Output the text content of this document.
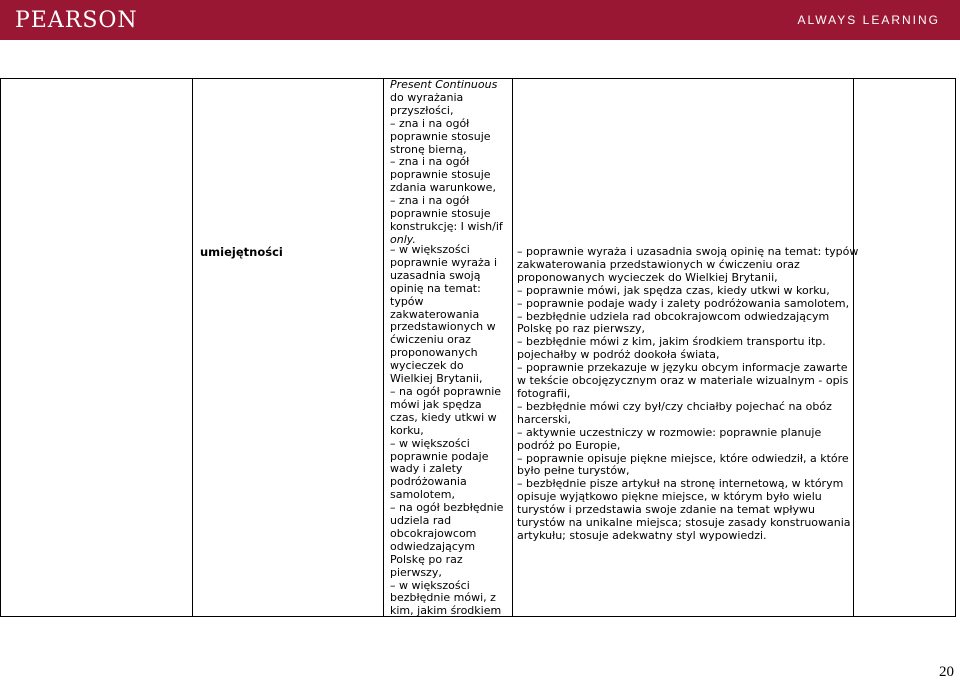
PEARSON	ALWAYS LEARNING
umiejętności
Present Continuous
do wyrażania
przyszłości,
– zna i na ogół
poprawnie stosuje
stronę bierną,
– zna i na ogół
poprawnie stosuje
zdania warunkowe,
– zna i na ogół
poprawnie stosuje
konstrukcję: I wish/if
only.
– w większości
poprawnie wyraża i
uzasadnia swoją
opinię na temat:
typów
zakwaterowania
przedstawionych w
ćwiczeniu oraz
proponowanych
wycieczek do
Wielkiej Brytanii,
– na ogół poprawnie
mówi jak spędza
czas, kiedy utkwi w
korku,
– w większości
poprawnie podaje
wady i zalety
podróżowania
samolotem,
– na ogół bezbłędnie
udziela rad
obcokrajowcom
odwiedzającym
Polskę po raz
pierwszy,
– w większości
bezbłędnie mówi, z
kim, jakim środkiem
– poprawnie wyraża i uzasadnia swoją opinię na temat: typów
zakwaterowania przedstawionych w ćwiczeniu oraz
proponowanych wycieczek do Wielkiej Brytanii,
– poprawnie mówi, jak spędza czas, kiedy utkwi w korku,
– poprawnie podaje wady i zalety podróżowania samolotem,
– bezbłędnie udziela rad obcokrajowcom odwiedzającym
Polskę po raz pierwszy,
– bezbłędnie mówi z kim, jakim środkiem transportu itp.
pojechałby w podróż dookoła świata,
– poprawnie przekazuje w języku obcym informacje zawarte
w tekście obcojęzycznym oraz w materiale wizualnym - opis
fotografii,
– bezbłędnie mówi czy był/czy chciałby pojechać na obóz
harcerski,
– aktywnie uczestniczy w rozmowie: poprawnie planuje
podróż po Europie,
– poprawnie opisuje piękne miejsce, które odwiedził, a które
było pełne turystów,
– bezbłędnie pisze artykuł na stronę internetową, w którym
opisuje wyjątkowo piękne miejsce, w którym było wielu
turystów i przedstawia swoje zdanie na temat wpływu
turystów na unikalne miejsca; stosuje zasady konstruowania
artykułu; stosuje adekwatny styl wypowiedzi.
20
